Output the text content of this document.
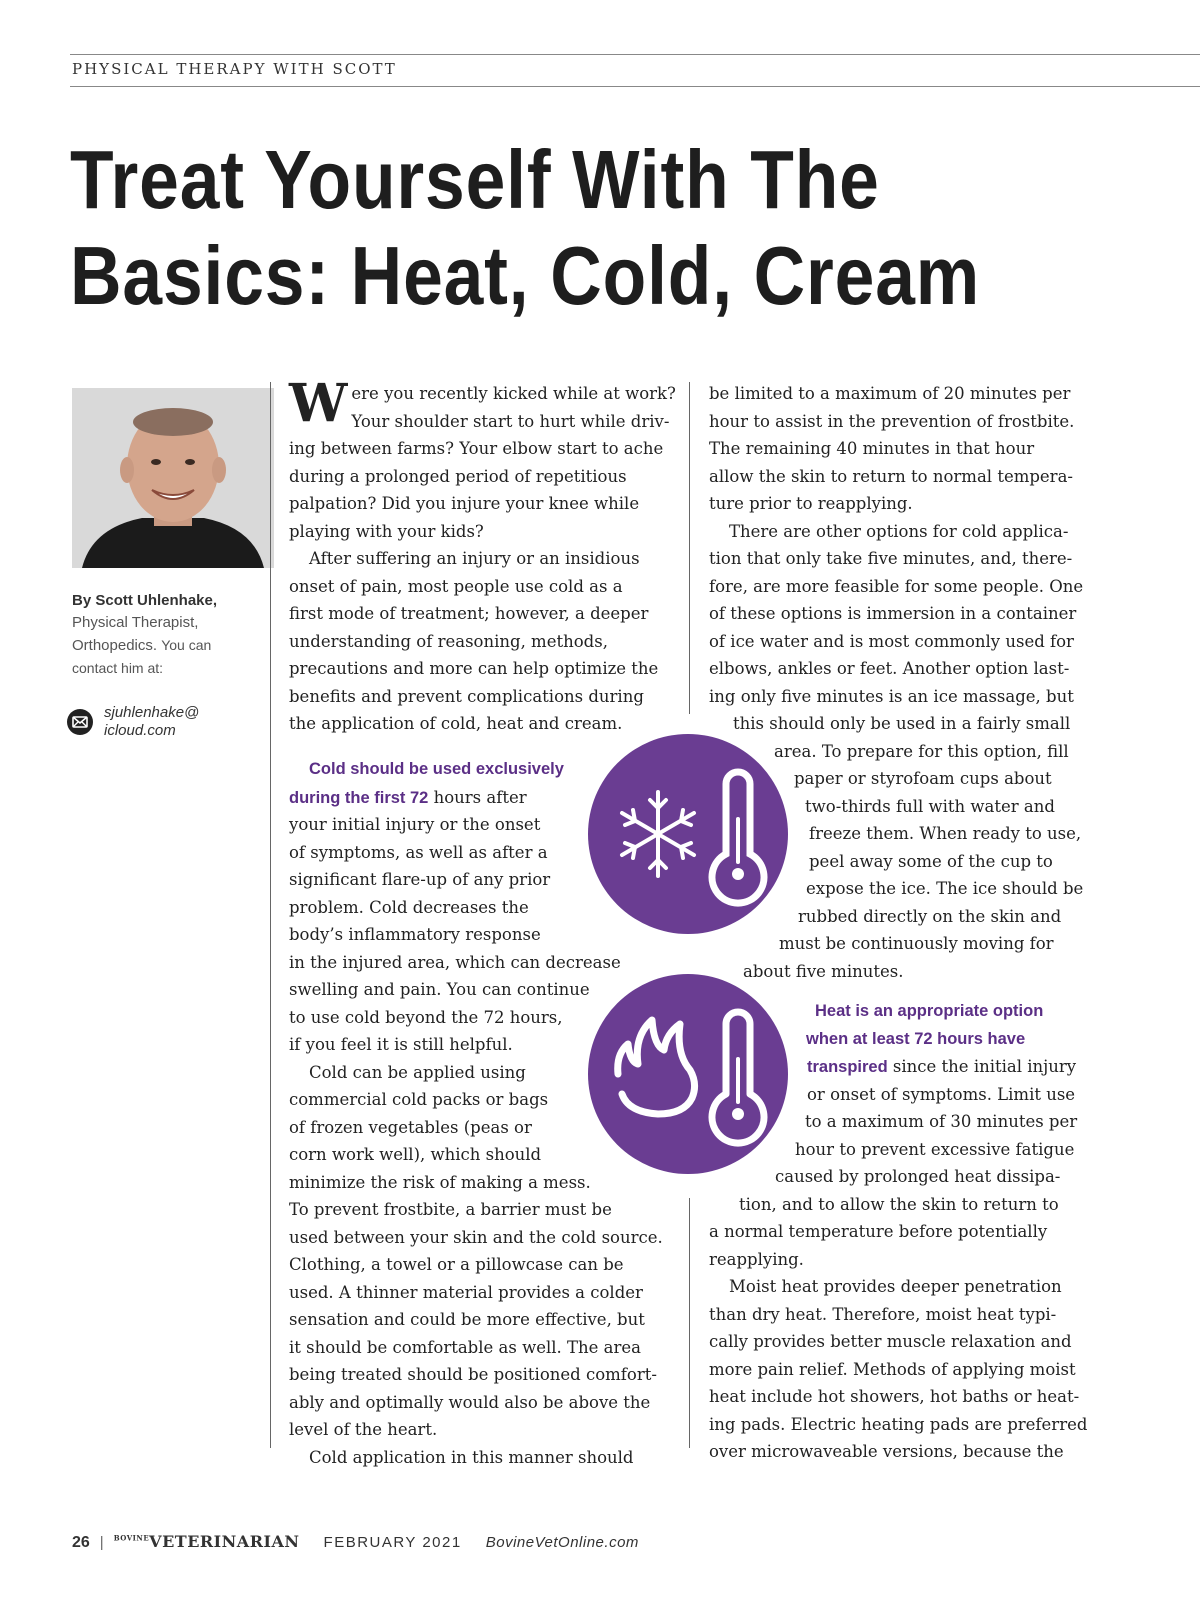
PHYSICAL THERAPY WITH SCOTT
Treat Yourself With The
Basics: Heat, Cold, Cream
By Scott Uhlenhake,
Physical Therapist,
Orthopedics. You can
contact him at:
sjuhlenhake@
icloud.com
W ere you recently kicked while at work?
Your shoulder start to hurt while driv-
ing between farms? Your elbow start to ache
during a prolonged period of repetitious
palpation? Did you injure your knee while
playing with your kids?
After suffering an injury or an insidious
onset of pain, most people use cold as a
first mode of treatment; however, a deeper
understanding of reasoning, methods,
precautions and more can help optimize the
benefits and prevent complications during
the application of cold, heat and cream.
Cold should be used exclusively
during the first 72 hours after
your initial injury or the onset
of symptoms, as well as after a
significant flare-up of any prior
problem. Cold decreases the
body’s inflammatory response
in the injured area, which can decrease
swelling and pain. You can continue
to use cold beyond the 72 hours,
if you feel it is still helpful.
Cold can be applied using
commercial cold packs or bags
of frozen vegetables (peas or
corn work well), which should
minimize the risk of making a mess.
To prevent frostbite, a barrier must be
used between your skin and the cold source.
Clothing, a towel or a pillowcase can be
used. A thinner material provides a colder
sensation and could be more effective, but
it should be comfortable as well. The area
being treated should be positioned comfort-
ably and optimally would also be above the
level of the heart.
Cold application in this manner should
be limited to a maximum of 20 minutes per
hour to assist in the prevention of frostbite.
The remaining 40 minutes in that hour
allow the skin to return to normal tempera-
ture prior to reapplying.
There are other options for cold applica-
tion that only take five minutes, and, there-
fore, are more feasible for some people. One
of these options is immersion in a container
of ice water and is most commonly used for
elbows, ankles or feet. Another option last-
ing only five minutes is an ice massage, but
this should only be used in a fairly small
area. To prepare for this option, fill
paper or styrofoam cups about
two-thirds full with water and
freeze them. When ready to use,
peel away some of the cup to
expose the ice. The ice should be
rubbed directly on the skin and
must be continuously moving for
about five minutes.
Heat is an appropriate option
when at least 72 hours have
transpired since the initial injury
or onset of symptoms. Limit use
to a maximum of 30 minutes per
hour to prevent excessive fatigue
caused by prolonged heat dissipa-
tion, and to allow the skin to return to
a normal temperature before potentially
reapplying.
Moist heat provides deeper penetration
than dry heat. Therefore, moist heat typi-
cally provides better muscle relaxation and
more pain relief. Methods of applying moist
heat include hot showers, hot baths or heat-
ing pads. Electric heating pads are preferred
over microwaveable versions, because the
26 | $^{BOVINE}$VETERINARIAN FEBRUARY 2021 BovineVetOnline.com
